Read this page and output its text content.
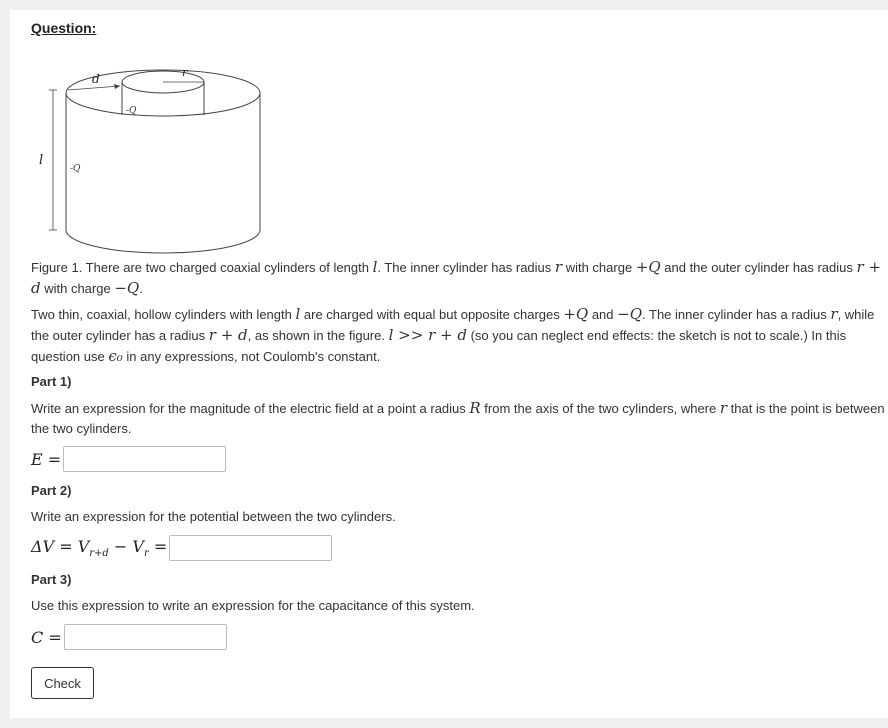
Question:
d	r
-Q
-Q
l
Figure 1. There are two charged coaxial cylinders of length l. The inner cylinder has radius r with charge +Q and the outer cylinder has radius r + d with charge −Q.
Two thin, coaxial, hollow cylinders with length l are charged with equal but opposite charges +Q and −Q. The inner cylinder has a radius r, while the outer cylinder has a radius r + d, as shown in the figure. l >> r + d (so you can neglect end effects: the sketch is not to scale.) In this question use ϵ₀ in any expressions, not Coulomb's constant.
Part 1)
Write an expression for the magnitude of the electric field at a point a radius R from the axis of the two cylinders, where r that is the point is between the two cylinders.
E =
Part 2)
Write an expression for the potential between the two cylinders.
$\Delta V = V_{r+d} - V_r$ =
Part 3)
Use this expression to write an expression for the capacitance of this system.
C =
Check
